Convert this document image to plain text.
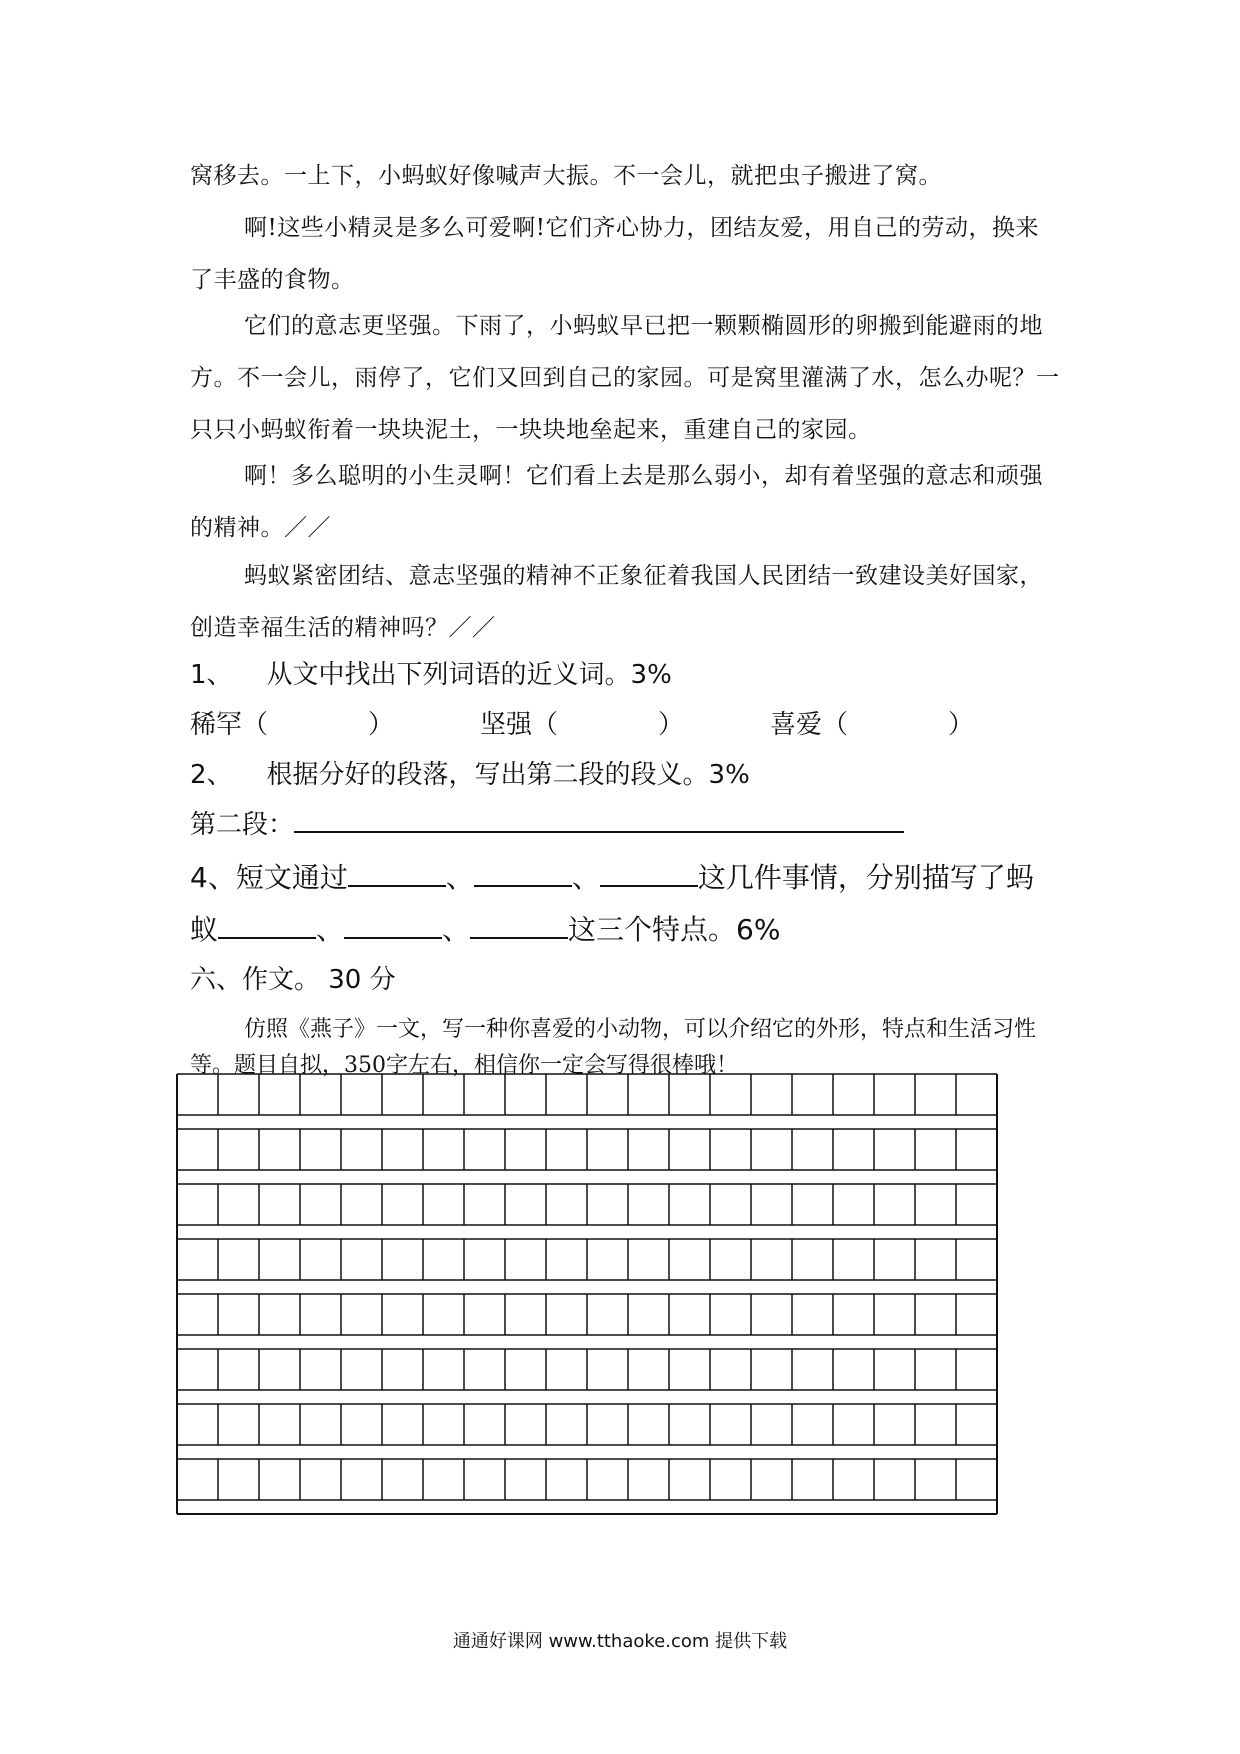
窝移去。一上下，小蚂蚁好像喊声大振。不一会儿，就把虫子搬进了窝。
啊!这些小精灵是多么可爱啊!它们齐心协力，团结友爱，用自己的劳动，换来了丰盛的食物。
它们的意志更坚强。下雨了，小蚂蚁早已把一颗颗椭圆形的卵搬到能避雨的地方。不一会儿，雨停了，它们又回到自己的家园。可是窝里灌满了水，怎么办呢？一只只小蚂蚁衔着一块块泥土，一块块地垒起来，重建自己的家园。
啊！多么聪明的小生灵啊！它们看上去是那么弱小，却有着坚强的意志和顽强的精神。／／
蚂蚁紧密团结、意志坚强的精神不正象征着我国人民团结一致建设美好国家，创造幸福生活的精神吗？／／
1、 从文中找出下列词语的近义词。3%
稀罕（	）	坚强（	）	喜爱（	）
2、 根据分好的段落，写出第二段的段义。3%
第二段：
4、短文通过	、	、	这几件事情，分别描写了蚂
蚁	、	、	这三个特点。6%
六、作文。 30 分
仿照《燕子》一文，写一种你喜爱的小动物，可以介绍它的外形，特点和生活习性等。题目自拟，350字左右，相信你一定会写得很棒哦！
通通好课网 www.tthaoke.com 提供下载
